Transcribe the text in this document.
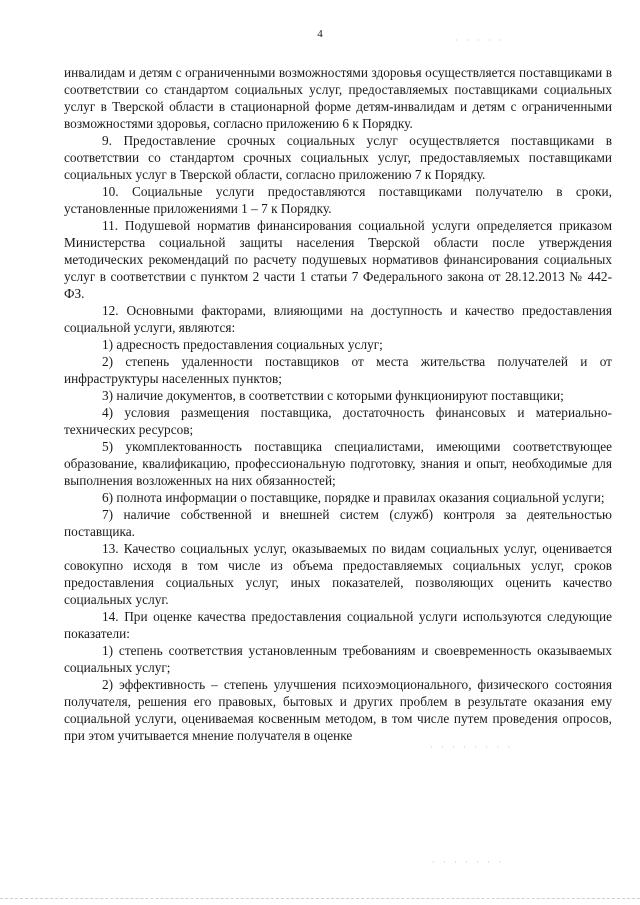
4
· · · · ·

инвалидам и детям с ограниченными возможностями здоровья осуществляется поставщиками в соответствии со стандартом социальных услуг, предоставляемых поставщиками социальных услуг в Тверской области в стационарной форме детям-инвалидам и детям с ограниченными возможностями здоровья, согласно приложению 6 к Порядку.

9. Предоставление срочных социальных услуг осуществляется поставщиками в соответствии со стандартом срочных социальных услуг, предоставляемых поставщиками социальных услуг в Тверской области, согласно приложению 7 к Порядку.

10. Социальные услуги предоставляются поставщиками получателю в сроки, установленные приложениями 1 – 7 к Порядку.

11. Подушевой норматив финансирования социальной услуги определяется приказом Министерства социальной защиты населения Тверской области после утверждения методических рекомендаций по расчету подушевых нормативов финансирования социальных услуг в соответствии с пунктом 2 части 1 статьи 7 Федерального закона от 28.12.2013 № 442-ФЗ.

12. Основными факторами, влияющими на доступность и качество предоставления социальной услуги, являются:

1) адресность предоставления социальных услуг;

2) степень удаленности поставщиков от места жительства получателей и от инфраструктуры населенных пунктов;

3) наличие документов, в соответствии с которыми функционируют поставщики;

4) условия размещения поставщика, достаточность финансовых и материально-технических ресурсов;

5) укомплектованность поставщика специалистами, имеющими соответствующее образование, квалификацию, профессиональную подготовку, знания и опыт, необходимые для выполнения возложенных на них обязанностей;

6) полнота информации о поставщике, порядке и правилах оказания социальной услуги;

7) наличие собственной и внешней систем (служб) контроля за деятельностью поставщика.

13. Качество социальных услуг, оказываемых по видам социальных услуг, оценивается совокупно исходя в том числе из объема предоставляемых социальных услуг, сроков предоставления социальных услуг, иных показателей, позволяющих оценить качество социальных услуг.

14. При оценке качества предоставления социальной услуги используются следующие показатели:

1) степень соответствия установленным требованиям и своевременность оказываемых социальных услуг;

2) эффективность – степень улучшения психоэмоционального, физического состояния получателя, решения его правовых, бытовых и других проблем в результате оказания ему социальной услуги, оцениваемая косвенным методом, в том числе путем проведения опросов, при этом учитывается мнение получателя в оценке

· · · · · · · ·
· · · · · · ·
